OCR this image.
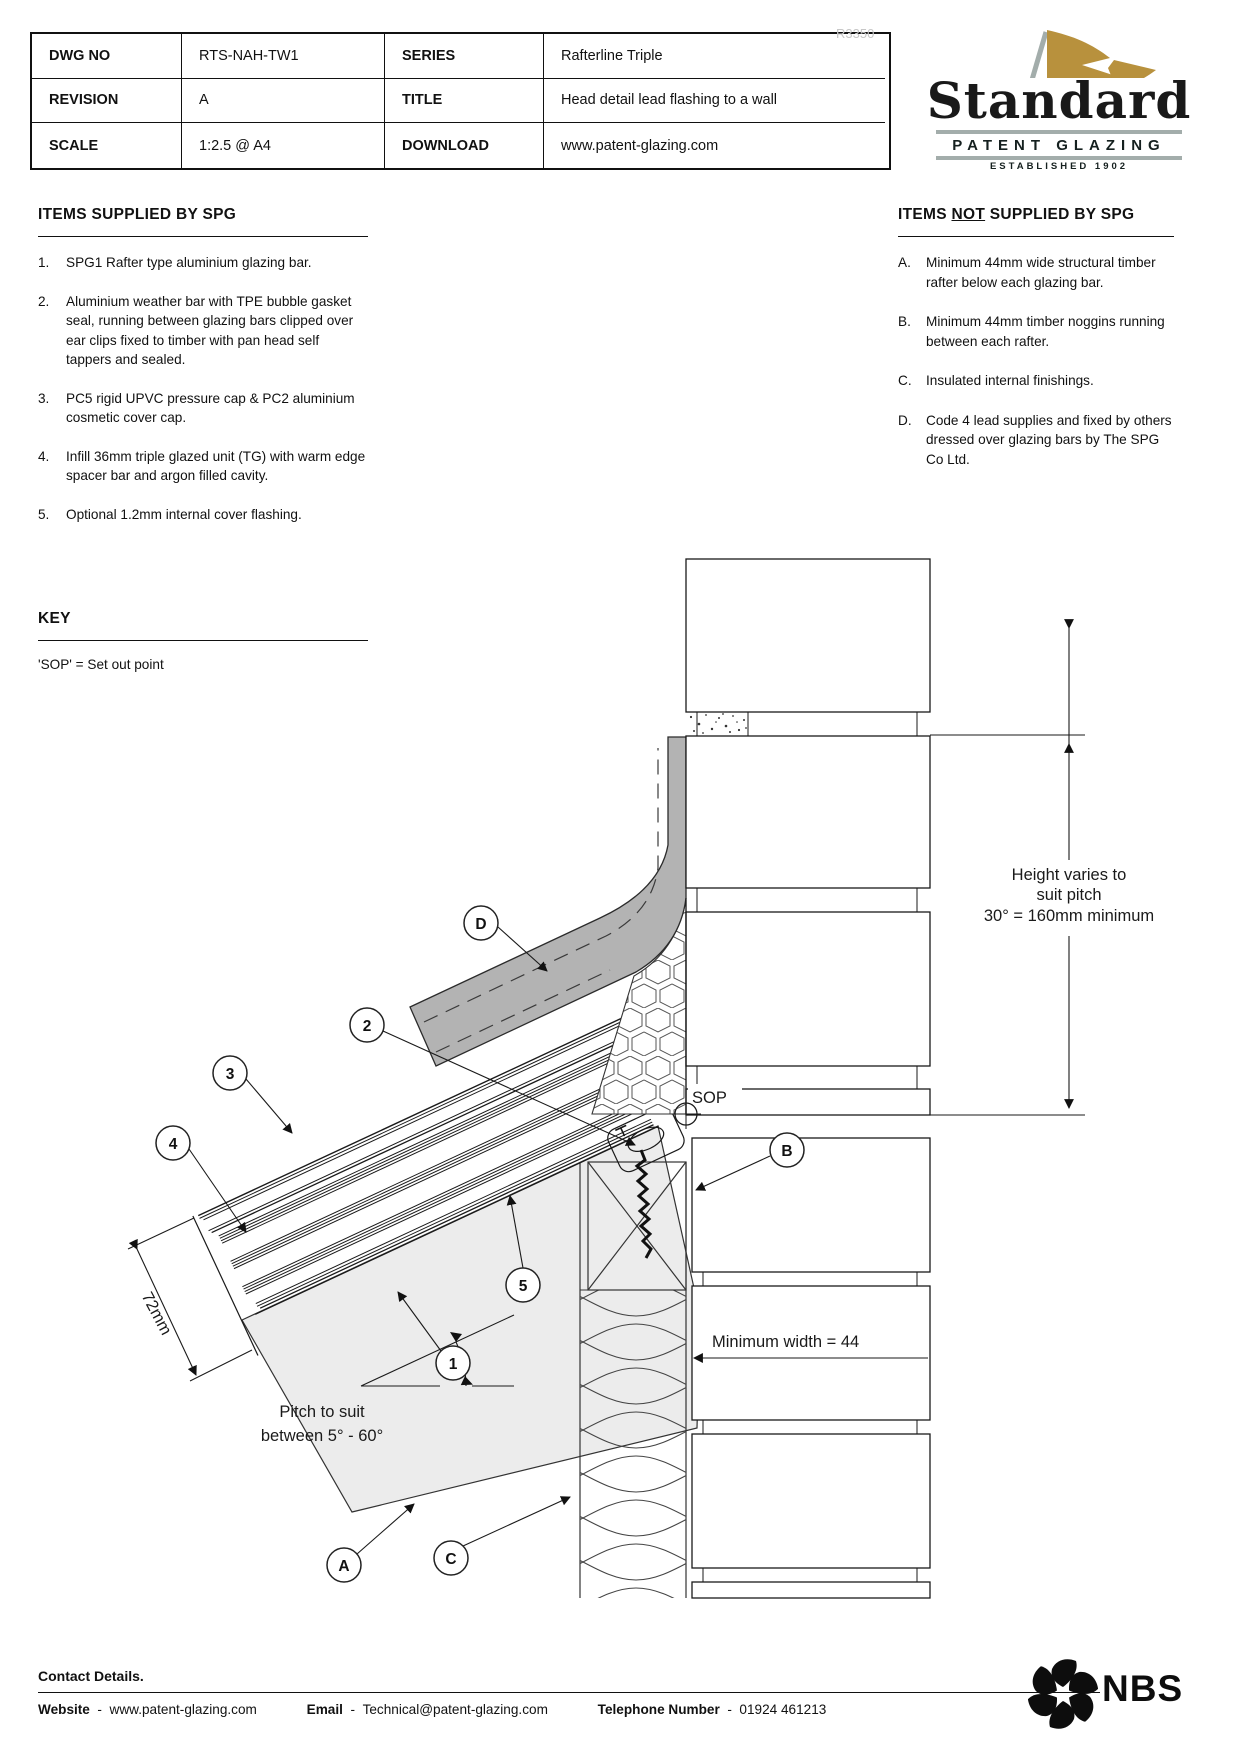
DWG NO	RTS-NAH-TW1	SERIES	Rafterline Triple
REVISION	A	TITLE	Head detail lead flashing to a wall
SCALE	1:2.5 @ A4	DOWNLOAD	www.patent-glazing.com
R3350
Standard
PATENT GLAZING
ESTABLISHED 1902
ITEMS SUPPLIED BY SPG
1.	SPG1 Rafter type aluminium glazing bar.
2.	Aluminium weather bar with TPE bubble gasket seal, running between glazing bars clipped over ear clips fixed to timber with pan head self tappers and sealed.
3.	PC5 rigid UPVC pressure cap & PC2 aluminium cosmetic cover cap.
4.	Infill 36mm triple glazed unit (TG) with warm edge spacer bar and argon filled cavity.
5.	Optional 1.2mm internal cover flashing.
ITEMS NOT SUPPLIED BY SPG
A.	Minimum 44mm wide structural timber rafter below each glazing bar.
B.	Minimum 44mm timber noggins running between each rafter.
C.	Insulated internal finishings.
D.	Code 4 lead supplies and fixed by others dressed over glazing bars by The SPG Co Ltd.
KEY
'SOP' = Set out point
Height varies to
suit pitch
30° = 160mm minimum
SOP
Minimum width = 44
72mm
Pitch to suit
between 5° - 60°
D
2
3
4	B
5
1
A	C
Contact Details.
Website  -  www.patent-glazing.com	Email  -  Technical@patent-glazing.com	Telephone Number  -  01924 461213
NBS
